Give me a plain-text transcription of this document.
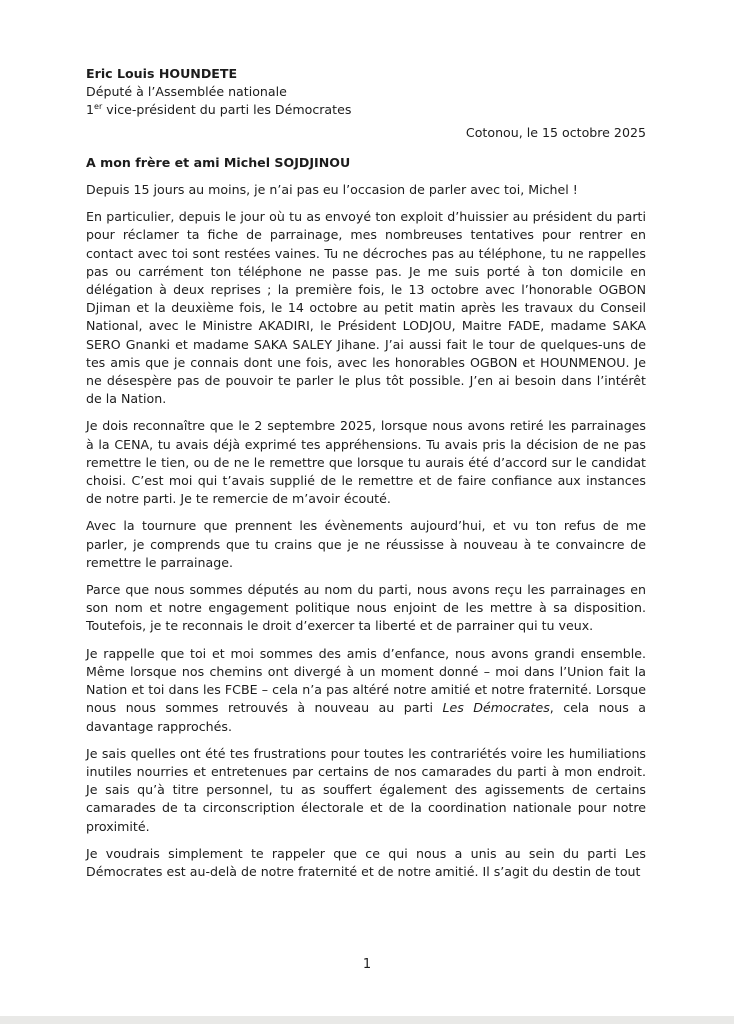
Eric Louis HOUNDETE
Député à l’Assemblée nationale
1er vice-président du parti les Démocrates
Cotonou, le 15 octobre 2025
A mon frère et ami Michel SOJDJINOU

Depuis 15 jours au moins, je n’ai pas eu l’occasion de parler avec toi, Michel !

En particulier, depuis le jour où tu as envoyé ton exploit d’huissier au président du parti pour réclamer ta fiche de parrainage, mes nombreuses tentatives pour rentrer en contact avec toi sont restées vaines. Tu ne décroches pas au téléphone, tu ne rappelles pas ou carrément ton téléphone ne passe pas. Je me suis porté à ton domicile en délégation à deux reprises ; la première fois, le 13 octobre avec l’honorable OGBON Djiman et la deuxième fois, le 14 octobre au petit matin après les travaux du Conseil National, avec le Ministre AKADIRI, le Président LODJOU, Maitre FADE, madame SAKA SERO Gnanki et madame SAKA SALEY Jihane. J’ai aussi fait le tour de quelques-uns de tes amis que je connais dont une fois, avec les honorables OGBON et HOUNMENOU. Je ne désespère pas de pouvoir te parler le plus tôt possible. J’en ai besoin dans l’intérêt de la Nation.

Je dois reconnaître que le 2 septembre 2025, lorsque nous avons retiré les parrainages à la CENA, tu avais déjà exprimé tes appréhensions. Tu avais pris la décision de ne pas remettre le tien, ou de ne le remettre que lorsque tu aurais été d’accord sur le candidat choisi. C’est moi qui t’avais supplié de le remettre et de faire confiance aux instances de notre parti. Je te remercie de m’avoir écouté.

Avec la tournure que prennent les évènements aujourd’hui, et vu ton refus de me parler, je comprends que tu crains que je ne réussisse à nouveau à te convaincre de remettre le parrainage.

Parce que nous sommes députés au nom du parti, nous avons reçu les parrainages en son nom et notre engagement politique nous enjoint de les mettre à sa disposition. Toutefois, je te reconnais le droit d’exercer ta liberté et de parrainer qui tu veux.

Je rappelle que toi et moi sommes des amis d’enfance, nous avons grandi ensemble. Même lorsque nos chemins ont divergé à un moment donné – moi dans l’Union fait la Nation et toi dans les FCBE – cela n’a pas altéré notre amitié et notre fraternité. Lorsque nous nous sommes retrouvés à nouveau au parti Les Démocrates, cela nous a davantage rapprochés.

Je sais quelles ont été tes frustrations pour toutes les contrariétés voire les humiliations inutiles nourries et entretenues par certains de nos camarades du parti à mon endroit. Je sais qu’à titre personnel, tu as souffert également des agissements de certains camarades de ta circonscription électorale et de la coordination nationale pour notre proximité.

Je voudrais simplement te rappeler que ce qui nous a unis au sein du parti Les Démocrates est au-delà de notre fraternité et de notre amitié. Il s’agit du destin de tout

1
